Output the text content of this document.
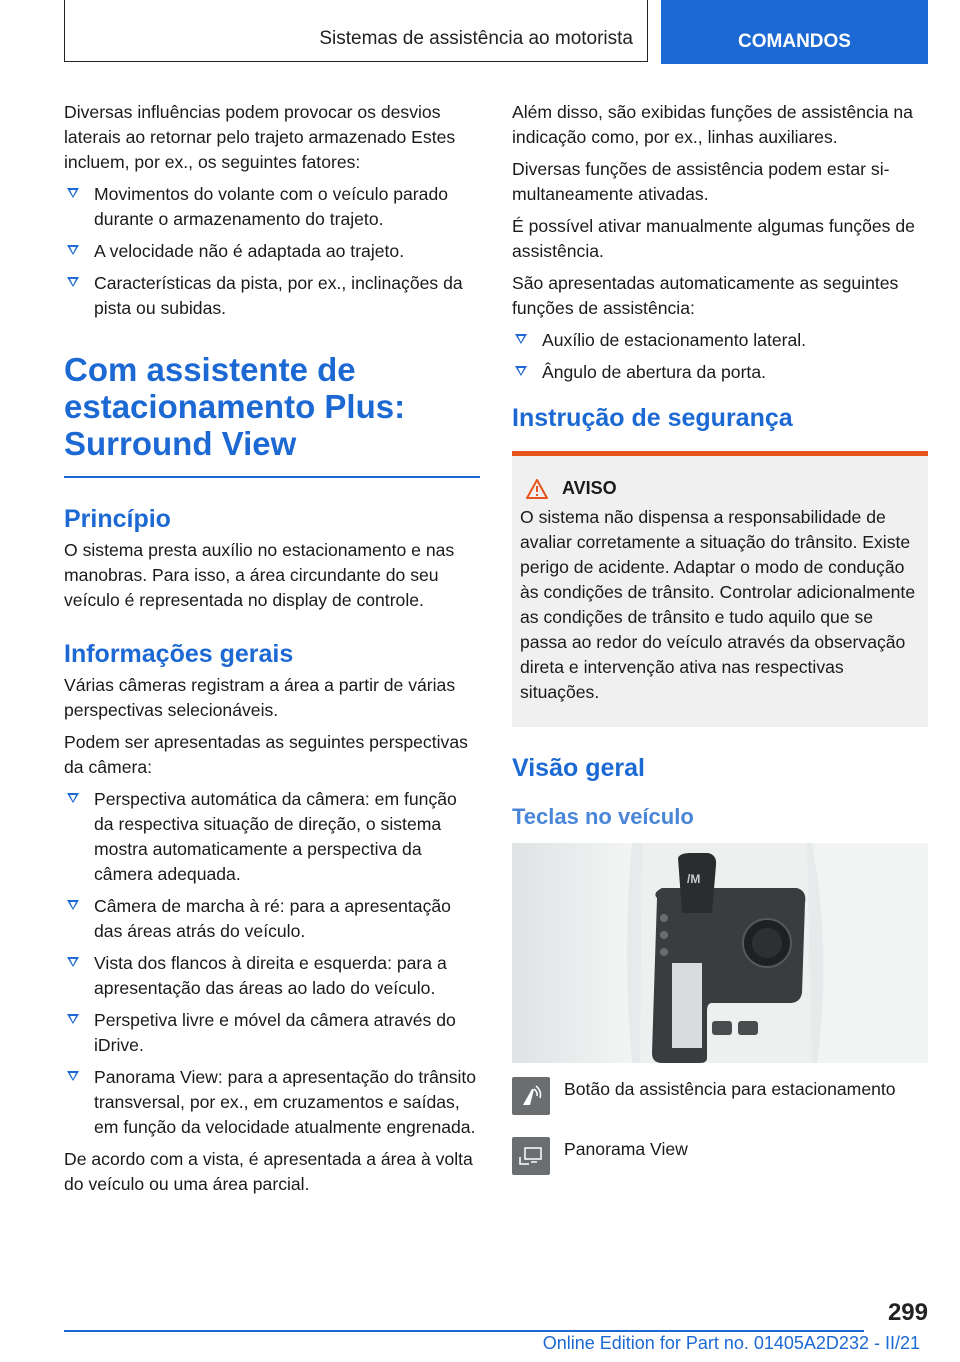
Sistemas de assistência ao motorista	COMANDOS

Diversas influências podem provocar os desvios laterais ao retornar pelo trajeto armazenado Estes incluem, por ex., os seguintes fatores:

Movimentos do volante com o veículo parado durante o armazenamento do trajeto.
A velocidade não é adaptada ao trajeto.
Características da pista, por ex., inclinações da pista ou subidas.
Com assistente de estacionamento Plus: Surround View
Princípio

O sistema presta auxílio no estacionamento e nas manobras. Para isso, a área circundante do seu veículo é representada no display de controle.

Informações gerais

Várias câmeras registram a área a partir de várias perspectivas selecionáveis.

Podem ser apresentadas as seguintes perspectivas da câmera:

Perspectiva automática da câmera: em função da respectiva situação de direção, o sistema mostra automaticamente a perspectiva da câmera adequada.
Câmera de marcha à ré: para a apresentação das áreas atrás do veículo.
Vista dos flancos à direita e esquerda: para a apresentação das áreas ao lado do veículo.
Perspetiva livre e móvel da câmera através do iDrive.
Panorama View: para a apresentação do trânsito transversal, por ex., em cruzamentos e saídas, em função da velocidade atualmente engrenada.

De acordo com a vista, é apresentada a área à volta do veículo ou uma área parcial.

Além disso, são exibidas funções de assistência na indicação como, por ex., linhas auxiliares.

Diversas funções de assistência podem estar simultaneamente ativadas.

É possível ativar manualmente algumas funções de assistência.

São apresentadas automaticamente as seguintes funções de assistência:

Auxílio de estacionamento lateral.
Ângulo de abertura da porta.
Instrução de segurança
AVISO
O sistema não dispensa a responsabilidade de avaliar corretamente a situação do trânsito. Existe perigo de acidente. Adaptar o modo de condução às condições de trânsito. Controlar adicionalmente as condições de trânsito e tudo aquilo que se passa ao redor do veículo através da observação direta e intervenção ativa nas respectivas situações.
Visão geral
Teclas no veículo
/M
Botão da assistência para estacionamento
Panorama View
299
Online Edition for Part no. 01405A2D232 - II/21
